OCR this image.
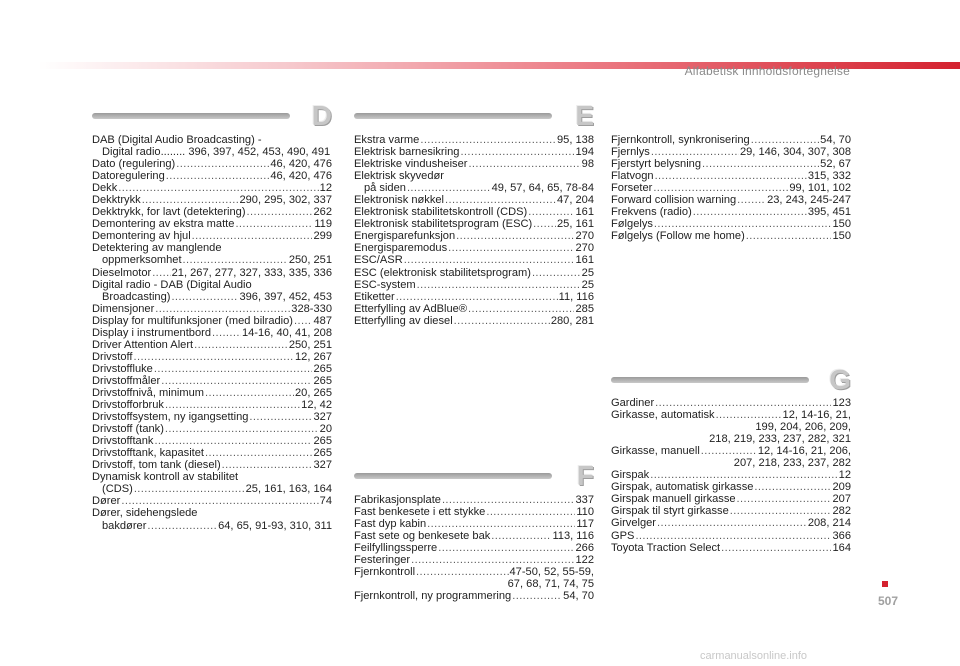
Alfabetisk innholdsfortegnelse
D	E
G
F
DAB (Digital Audio Broadcasting) -
Digital radio........ 396, 397, 452, 453, 490, 491
Dato (regulering) .....	46, 420, 476
Datoregulering .....	46, 420, 476
Dekk .....	12
Dekktrykk .....	290, 295, 302, 337
Dekktrykk, for lavt (detektering) .....	262
Demontering av ekstra matte .....	119
Demontering av hjul .....	299
Detektering av manglende
oppmerksomhet .....	250, 251
Dieselmotor ..... 21, 267, 277, 327, 333, 335, 336
Digital radio - DAB (Digital Audio
Broadcasting) .....	396, 397, 452, 453
Dimensjoner .....	328-330
Display for multifunksjoner (med bilradio) ..... 487
Display i instrumentbord .....	14-16, 40, 41, 208
Driver Attention Alert .....	250, 251
Drivstoff .....	12, 267
Drivstoffluke .....	265
Drivstoffmåler .....	265
Drivstoffnivå, minimum .....	20, 265
Drivstofforbruk .....	12, 42
Drivstoffsystem, ny igangsetting .....	327
Drivstoff (tank) .....	20
Drivstofftank .....	265
Drivstofftank, kapasitet .....	265
Drivstoff, tom tank (diesel) .....	327
Dynamisk kontroll av stabilitet
(CDS) .....	25, 161, 163, 164
Dører .....	74
Dører, sidehengslede
bakdører .....	64, 65, 91-93, 310, 311
Ekstra varme .....	95, 138
Elektrisk barnesikring .....	194
Elektriske vindusheiser .....	98
Elektrisk skyvedør
på siden .....	49, 57, 64, 65, 78-84
Elektronisk nøkkel .....	47, 204
Elektronisk stabilitetskontroll (CDS) .....	161
Elektronisk stabilitetsprogram (ESC) ..... 25, 161
Energisparefunksjon .....	270
Energisparemodus .....	270
ESC/ASR .....	161
ESC (elektronisk stabilitetsprogram) .....	25
ESC-system .....	25
Etiketter .....	11, 116
Etterfylling av AdBlue® .....	285
Etterfylling av diesel .....	280, 281
Fjernkontroll, synkronisering .....	54, 70
Fjernlys .....	29, 146, 304, 307, 308
Fjerstyrt belysning .....	52, 67
Flatvogn .....	315, 332
Forseter .....	99, 101, 102
Forward collision warning .....	23, 243, 245-247
Frekvens (radio) .....	395, 451
Følgelys .....	150
Følgelys (Follow me home) .....	150
Gardiner .....	123
Girkasse, automatisk .....	12, 14-16, 21,
199, 204, 206, 209,
218, 219, 233, 237, 282, 321
Girkasse, manuell .....	12, 14-16, 21, 206,
207, 218, 233, 237, 282
Girspak .....	12
Girspak, automatisk girkasse .....	209
Girspak manuell girkasse .....	207
Girspak til styrt girkasse .....	282
Girvelger .....	208, 214
GPS .....	366
Toyota Traction Select .....	164
Fabrikasjonsplate .....	337
Fast benkesete i ett stykke .....	110
Fast dyp kabin .....	117
Fast sete og benkesete bak .....	113, 116
Feilfyllingssperre .....	266
Festeringer .....	122
Fjernkontroll .....	47-50, 52, 55-59,
67, 68, 71, 74, 75
Fjernkontroll, ny programmering .....	54, 70	507
carmanualsonline.info
